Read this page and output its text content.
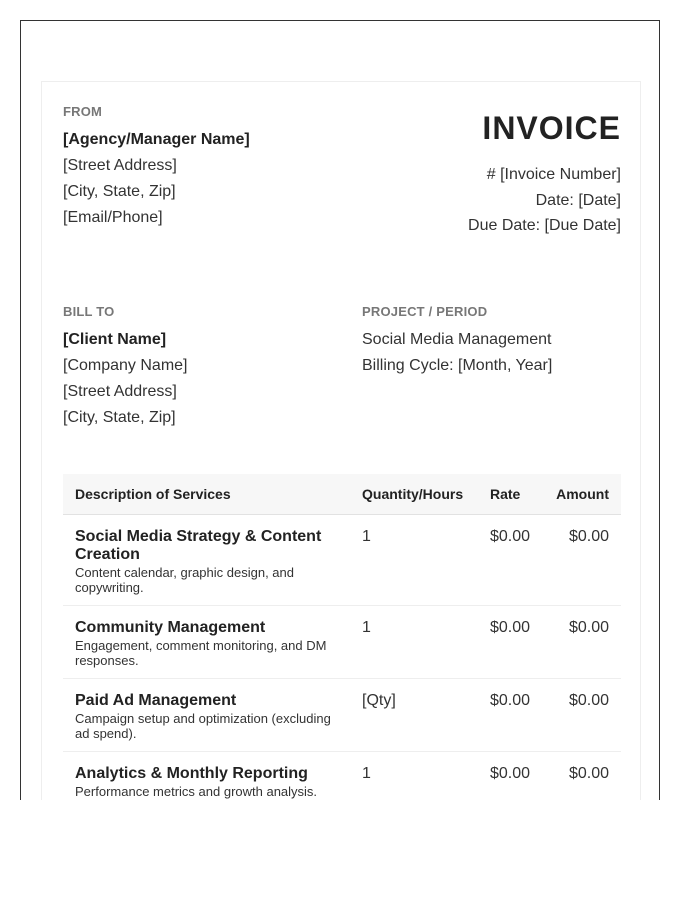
FROM
[Agency/Manager Name]
[Street Address]
[City, State, Zip]
[Email/Phone]
INVOICE
# [Invoice Number]
Date: [Date]
Due Date: [Due Date]
BILL TO
[Client Name]
[Company Name]
[Street Address]
[City, State, Zip]
PROJECT / PERIOD
Social Media Management
Billing Cycle: [Month, Year]
Description of Services	Quantity/Hours Rate	Amount
Social Media Strategy & Content Creation
Content calendar, graphic design, and copywriting.
1	$0.00 $0.00
Community Management
Engagement, comment monitoring, and DM responses.
1	$0.00 $0.00
Paid Ad Management
Campaign setup and optimization (excluding ad spend).
[Qty]	$0.00 $0.00
Analytics & Monthly Reporting
Performance metrics and growth analysis.
1	$0.00 $0.00
